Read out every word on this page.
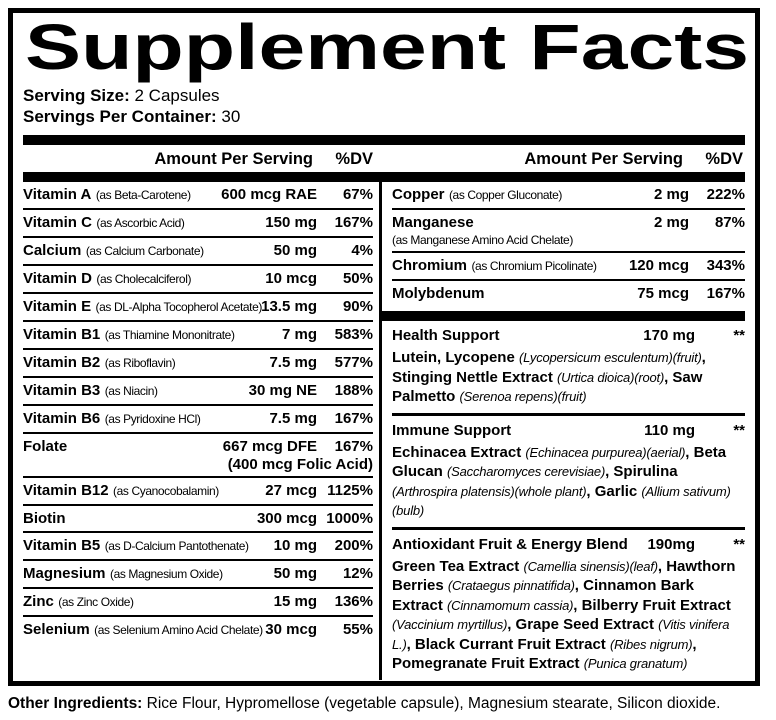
Supplement Facts
Serving Size: 2 Capsules
Servings Per Container: 30
Amount Per Serving	%DV	Amount Per Serving	%DV
Vitamin A (as Beta-Carotene)	600 mcg RAE	67%
Vitamin C (as Ascorbic Acid)	150 mg	167%
Calcium (as Calcium Carbonate)	50 mg	4%
Vitamin D (as Cholecalciferol)	10 mcg	50%
Vitamin E (as DL-Alpha Tocopherol Acetate) 13.5 mg	90%
Vitamin B1 (as Thiamine Mononitrate)	7 mg	583%
Vitamin B2 (as Riboflavin)	7.5 mg	577%
Vitamin B3 (as Niacin)	30 mg NE	188%
Vitamin B6 (as Pyridoxine HCl)	7.5 mg	167%
Folate	667 mcg DFE	167%
(400 mcg Folic Acid)
Vitamin B12 (as Cyanocobalamin)	27 mcg 1125%
Biotin	300 mcg 1000%
Vitamin B5 (as D-Calcium Pantothenate)	10 mg	200%
Magnesium (as Magnesium Oxide)	50 mg	12%
Zinc (as Zinc Oxide)	15 mg	136%
Selenium (as Selenium Amino Acid Chelate) 30 mcg	55%
Copper (as Copper Gluconate)	2 mg	222%
Manganese	2 mg	87%
(as Manganese Amino Acid Chelate)
Chromium (as Chromium Picolinate)	120 mcg	343%
Molybdenum	75 mcg	167%
Health Support	170 mg	**
Lutein, Lycopene (Lycopersicum esculentum)(fruit), Stinging Nettle Extract (Urtica dioica)(root), Saw Palmetto (Serenoa repens)(fruit)
Immune Support	110 mg	**
Echinacea Extract (Echinacea purpurea)(aerial), Beta Glucan (Saccharomyces cerevisiae), Spirulina (Arthrospira platensis)(whole plant), Garlic (Allium sativum)(bulb)
Antioxidant Fruit & Energy Blend 190mg	**
Green Tea Extract (Camellia sinensis)(leaf), Hawthorn Berries (Crataegus pinnatifida), Cinnamon Bark Extract (Cinnamomum cassia), Bilberry Fruit Extract (Vaccinium myrtillus), Grape Seed Extract (Vitis vinifera L.), Black Currant Fruit Extract (Ribes nigrum), Pomegranate Fruit Extract (Punica granatum)
Other Ingredients: Rice Flour, Hypromellose (vegetable capsule), Magnesium stearate, Silicon dioxide.
